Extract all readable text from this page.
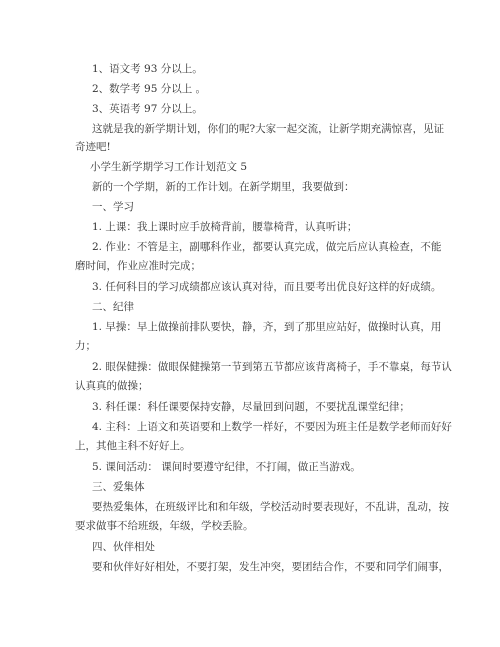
1、语文考 93 分以上。
2、数学考 95 分以上 。
3、英语考 97 分以上。
这就是我的新学期计划，你们的呢?大家一起交流，让新学期充满惊喜，见证
奇迹吧!
小学生新学期学习工作计划范文 5
新的一个学期，新的工作计划。在新学期里，我要做到：
一、学习
1. 上课：我上课时应手放椅背前，腰靠椅背，认真听讲；
2. 作业：不管是主，副哪科作业，都要认真完成，做完后应认真检查，不能
磨时间，作业应准时完成；
3. 任何科目的学习成绩都应该认真对待，而且要考出优良好这样的好成绩。
二、纪律
1. 早操：早上做操前排队要快，静，齐，到了那里应站好，做操时认真，用
力；
2. 眼保健操：做眼保健操第一节到第五节都应该背离椅子，手不靠桌，每节认
认真真的做操；
3. 科任课：科任课要保持安静，尽量回到问题，不要扰乱课堂纪律；
4. 主科：上语文和英语要和上数学一样好，不要因为班主任是数学老师而好好
上，其他主科不好好上。
5. 课间活动： 课间时要遵守纪律，不打闹，做正当游戏。
三、爱集体
要热爱集体，在班级评比和和年级，学校活动时要表现好，不乱讲，乱动，按
要求做事不给班级，年级，学校丢脸。
四、伙伴相处
要和伙伴好好相处，不要打架，发生冲突，要团结合作，不要和同学们闹事，
